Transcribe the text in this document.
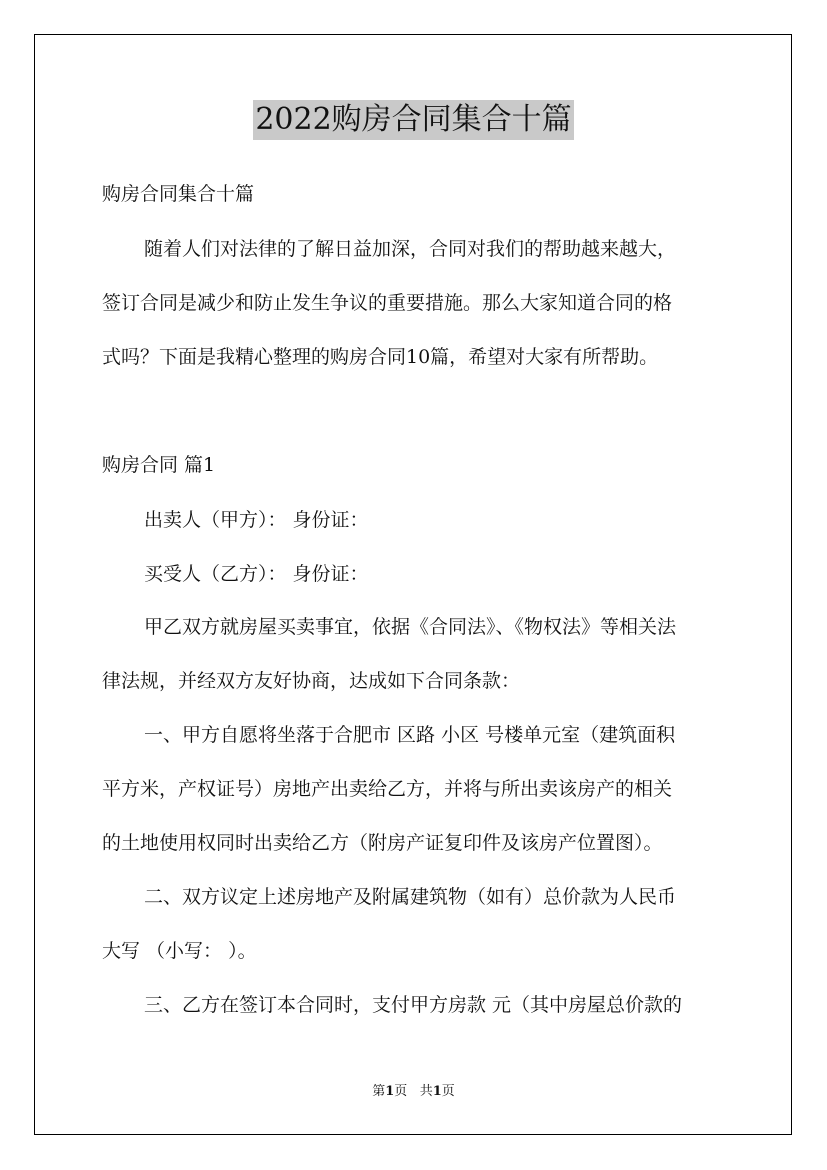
2022购房合同集合十篇
购房合同集合十篇
随着人们对法律的了解日益加深，合同对我们的帮助越来越大，
签订合同是减少和防止发生争议的重要措施。那么大家知道合同的格
式吗？下面是我精心整理的购房合同10篇，希望对大家有所帮助。
购房合同 篇1
出卖人（甲方）： 身份证：
买受人（乙方）： 身份证：
甲乙双方就房屋买卖事宜，依据《合同法》、《物权法》等相关法
律法规，并经双方友好协商，达成如下合同条款：
一、甲方自愿将坐落于合肥市 区路 小区 号楼单元室（建筑面积
平方米，产权证号）房地产出卖给乙方，并将与所出卖该房产的相关
的土地使用权同时出卖给乙方（附房产证复印件及该房产位置图）。
二、双方议定上述房地产及附属建筑物（如有）总价款为人民币
大写 （小写： ）。
三、乙方在签订本合同时，支付甲方房款 元（其中房屋总价款的
第1页 共1页
